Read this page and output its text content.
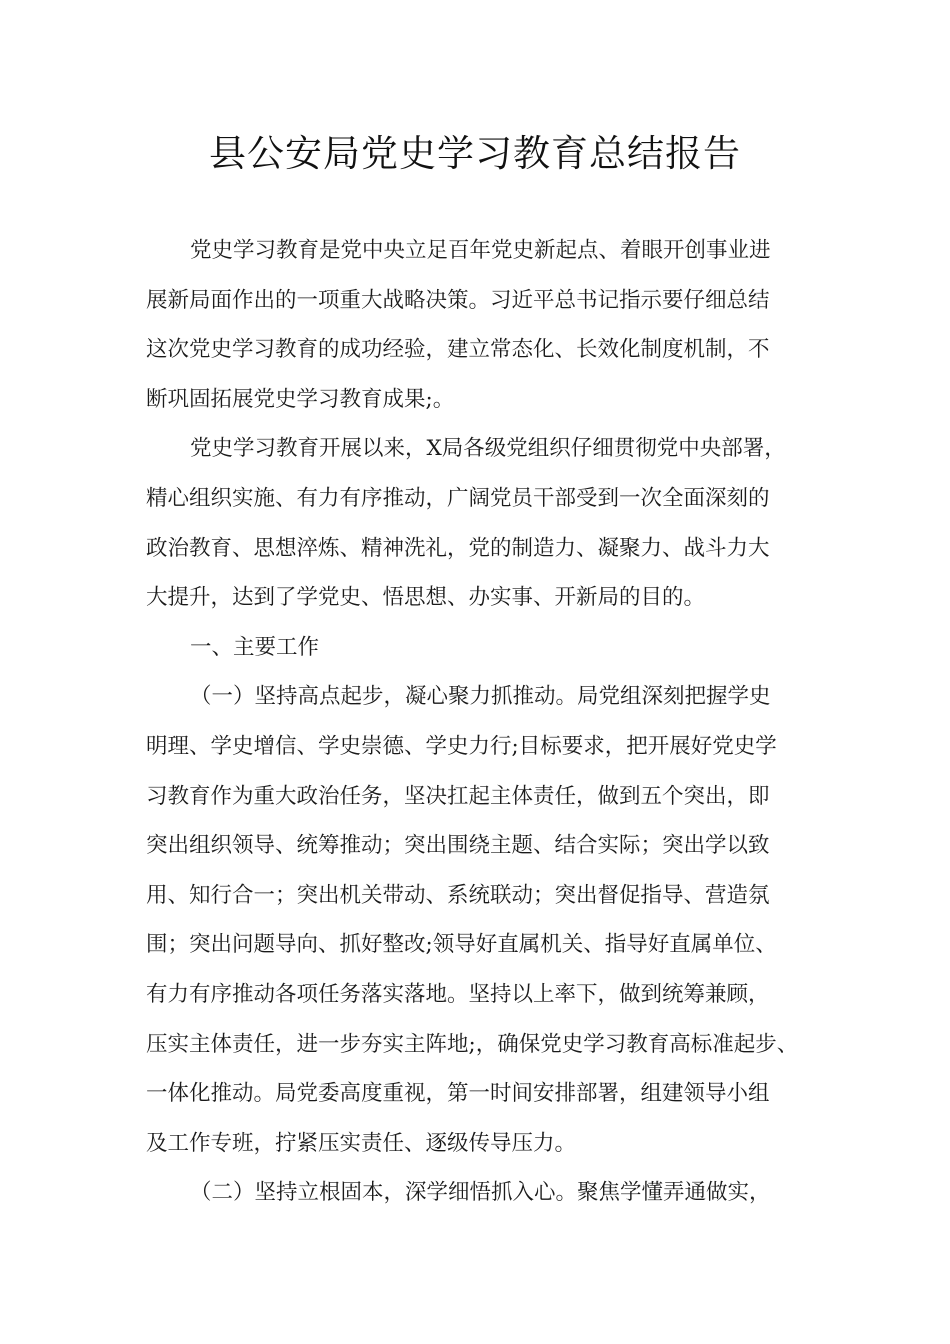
县公安局党史学习教育总结报告
党史学习教育是党中央立足百年党史新起点、着眼开创事业进
展新局面作出的一项重大战略决策。习近平总书记指示要仔细总结
这次党史学习教育的成功经验，建立常态化、长效化制度机制，不
断巩固拓展党史学习教育成果;。
党史学习教育开展以来，X局各级党组织仔细贯彻党中央部署，
精心组织实施、有力有序推动，广阔党员干部受到一次全面深刻的
政治教育、思想淬炼、精神洗礼，党的制造力、凝聚力、战斗力大
大提升，达到了学党史、悟思想、办实事、开新局的目的。
一、主要工作
（一）坚持高点起步，凝心聚力抓推动。局党组深刻把握学史
明理、学史增信、学史崇德、学史力行;目标要求，把开展好党史学
习教育作为重大政治任务，坚决扛起主体责任，做到五个突出，即
突出组织领导、统筹推动；突出围绕主题、结合实际；突出学以致
用、知行合一；突出机关带动、系统联动；突出督促指导、营造氛
围；突出问题导向、抓好整改;领导好直属机关、指导好直属单位、
有力有序推动各项任务落实落地。坚持以上率下，做到统筹兼顾，
压实主体责任，进一步夯实主阵地;，确保党史学习教育高标准起步、
一体化推动。局党委高度重视，第一时间安排部署，组建领导小组
及工作专班，拧紧压实责任、逐级传导压力。
（二）坚持立根固本，深学细悟抓入心。聚焦学懂弄通做实，
